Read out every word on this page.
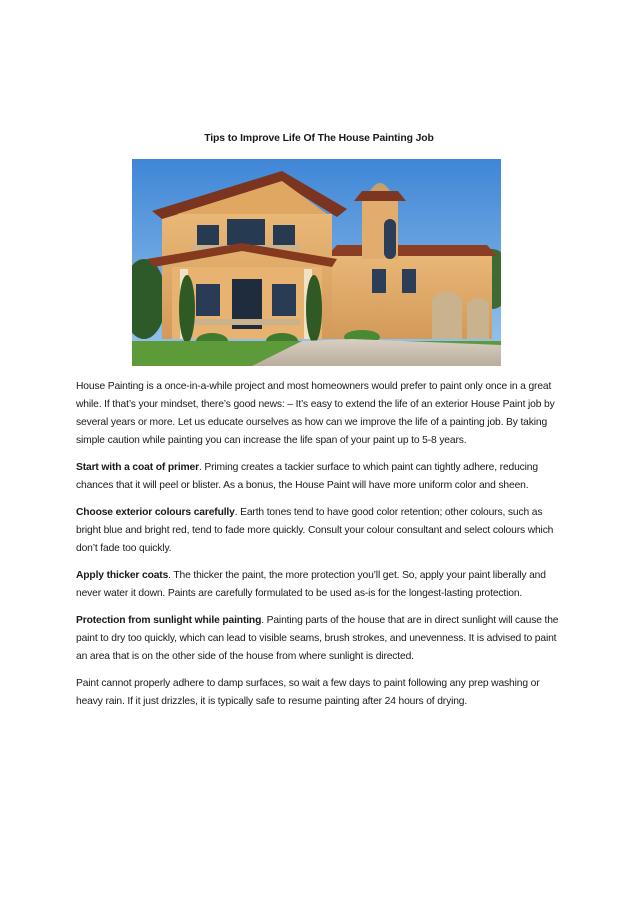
Tips to Improve Life Of The House Painting Job

House Painting is a once-in-a-while project and most homeowners would prefer to paint only once in a great while. If that’s your mindset, there’s good news: – It’s easy to extend the life of an exterior House Paint job by several years or more. Let us educate ourselves as how can we improve the life of a painting job. By taking simple caution while painting you can increase the life span of your paint up to 5-8 years.

Start with a coat of primer. Priming creates a tackier surface to which paint can tightly adhere, reducing chances that it will peel or blister. As a bonus, the House Paint will have more uniform color and sheen.

Choose exterior colours carefully. Earth tones tend to have good color retention; other colours, such as bright blue and bright red, tend to fade more quickly. Consult your colour consultant and select colours which don’t fade too quickly.

Apply thicker coats. The thicker the paint, the more protection you’ll get. So, apply your paint liberally and never water it down. Paints are carefully formulated to be used as-is for the longest-lasting protection.

Protection from sunlight while painting. Painting parts of the house that are in direct sunlight will cause the paint to dry too quickly, which can lead to visible seams, brush strokes, and unevenness. It is advised to paint an area that is on the other side of the house from where sunlight is directed.

Paint cannot properly adhere to damp surfaces, so wait a few days to paint following any prep washing or heavy rain. If it just drizzles, it is typically safe to resume painting after 24 hours of drying.
